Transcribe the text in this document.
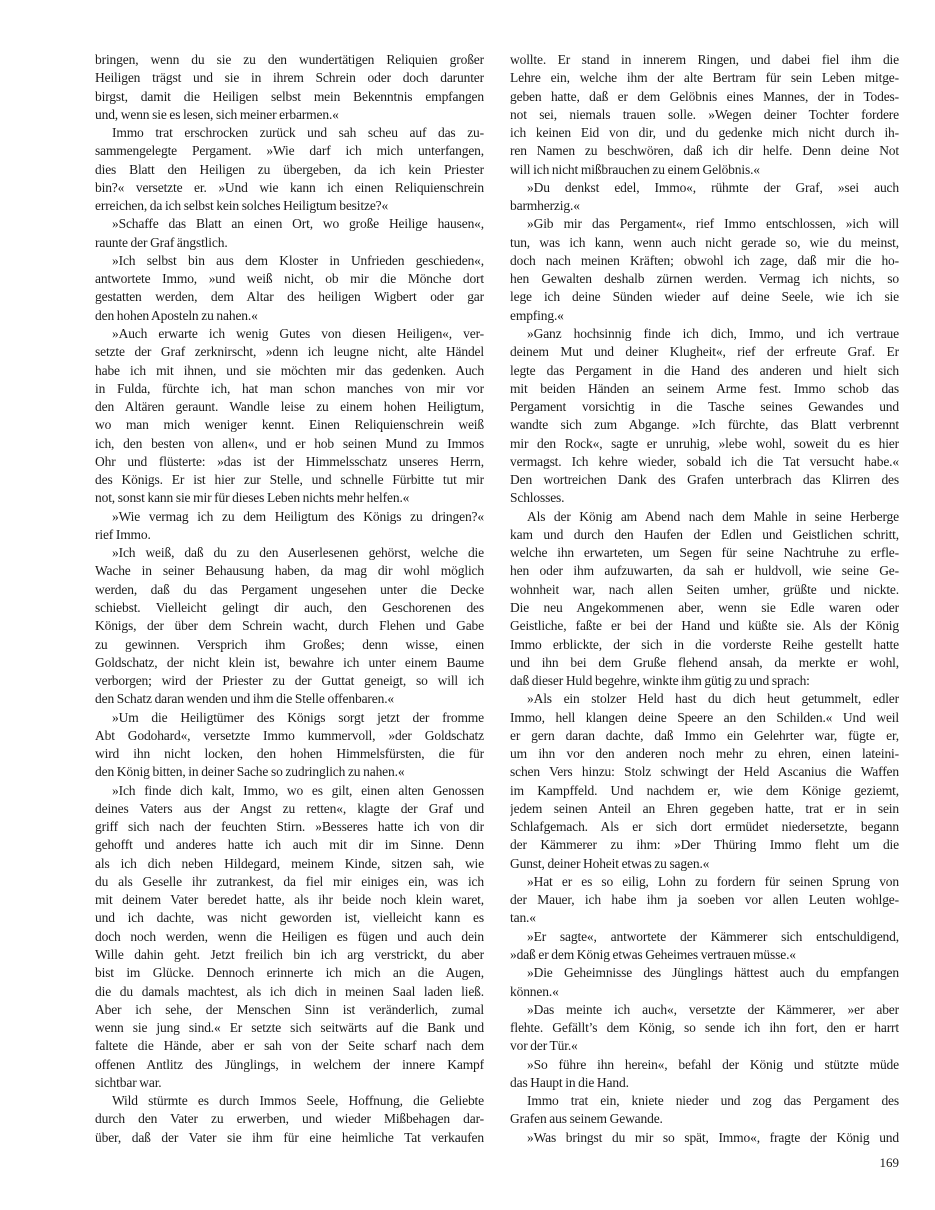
bringen, wenn du sie zu den wundertätigen Reliquien großer
Heiligen trägst und sie in ihrem Schrein oder doch darunter
birgst, damit die Heiligen selbst mein Bekenntnis empfangen
und, wenn sie es lesen, sich meiner erbarmen.«
Immo trat erschrocken zurück und sah scheu auf das zu-
sammengelegte Pergament. »Wie darf ich mich unterfangen,
dies Blatt den Heiligen zu übergeben, da ich kein Priester
bin?« versetzte er. »Und wie kann ich einen Reliquienschrein
erreichen, da ich selbst kein solches Heiligtum besitze?«
»Schaffe das Blatt an einen Ort, wo große Heilige hausen«,
raunte der Graf ängstlich.
»Ich selbst bin aus dem Kloster in Unfrieden geschieden«,
antwortete Immo, »und weiß nicht, ob mir die Mönche dort
gestatten werden, dem Altar des heiligen Wigbert oder gar
den hohen Aposteln zu nahen.«
»Auch erwarte ich wenig Gutes von diesen Heiligen«, ver-
setzte der Graf zerknirscht, »denn ich leugne nicht, alte Händel
habe ich mit ihnen, und sie möchten mir das gedenken. Auch
in Fulda, fürchte ich, hat man schon manches von mir vor
den Altären geraunt. Wandle leise zu einem hohen Heiligtum,
wo man mich weniger kennt. Einen Reliquienschrein weiß
ich, den besten von allen«, und er hob seinen Mund zu Immos
Ohr und flüsterte: »das ist der Himmelsschatz unseres Herrn,
des Königs. Er ist hier zur Stelle, und schnelle Fürbitte tut mir
not, sonst kann sie mir für dieses Leben nichts mehr helfen.«
»Wie vermag ich zu dem Heiligtum des Königs zu dringen?«
rief Immo.
»Ich weiß, daß du zu den Auserlesenen gehörst, welche die
Wache in seiner Behausung haben, da mag dir wohl möglich
werden, daß du das Pergament ungesehen unter die Decke
schiebst. Vielleicht gelingt dir auch, den Geschorenen des
Königs, der über dem Schrein wacht, durch Flehen und Gabe
zu gewinnen. Versprich ihm Großes; denn wisse, einen
Goldschatz, der nicht klein ist, bewahre ich unter einem Baume
verborgen; wird der Priester zu der Guttat geneigt, so will ich
den Schatz daran wenden und ihm die Stelle offenbaren.«
»Um die Heiligtümer des Königs sorgt jetzt der fromme
Abt Godohard«, versetzte Immo kummervoll, »der Goldschatz
wird ihn nicht locken, den hohen Himmelsfürsten, die für
den König bitten, in deiner Sache so zudringlich zu nahen.«
»Ich finde dich kalt, Immo, wo es gilt, einen alten Genossen
deines Vaters aus der Angst zu retten«, klagte der Graf und
griff sich nach der feuchten Stirn. »Besseres hatte ich von dir
gehofft und anderes hatte ich auch mit dir im Sinne. Denn
als ich dich neben Hildegard, meinem Kinde, sitzen sah, wie
du als Geselle ihr zutrankest, da fiel mir einiges ein, was ich
mit deinem Vater beredet hatte, als ihr beide noch klein waret,
und ich dachte, was nicht geworden ist, vielleicht kann es
doch noch werden, wenn die Heiligen es fügen und auch dein
Wille dahin geht. Jetzt freilich bin ich arg verstrickt, du aber
bist im Glücke. Dennoch erinnerte ich mich an die Augen,
die du damals machtest, als ich dich in meinen Saal laden ließ.
Aber ich sehe, der Menschen Sinn ist veränderlich, zumal
wenn sie jung sind.« Er setzte sich seitwärts auf die Bank und
faltete die Hände, aber er sah von der Seite scharf nach dem
offenen Antlitz des Jünglings, in welchem der innere Kampf
sichtbar war.
Wild stürmte es durch Immos Seele, Hoffnung, die Geliebte
durch den Vater zu erwerben, und wieder Mißbehagen dar-
über, daß der Vater sie ihm für eine heimliche Tat verkaufen
wollte. Er stand in innerem Ringen, und dabei fiel ihm die
Lehre ein, welche ihm der alte Bertram für sein Leben mitge-
geben hatte, daß er dem Gelöbnis eines Mannes, der in Todes-
not sei, niemals trauen solle. »Wegen deiner Tochter fordere
ich keinen Eid von dir, und du gedenke mich nicht durch ih-
ren Namen zu beschwören, daß ich dir helfe. Denn deine Not
will ich nicht mißbrauchen zu einem Gelöbnis.«
»Du denkst edel, Immo«, rühmte der Graf, »sei auch
barmherzig.«
»Gib mir das Pergament«, rief Immo entschlossen, »ich will
tun, was ich kann, wenn auch nicht gerade so, wie du meinst,
doch nach meinen Kräften; obwohl ich zage, daß mir die ho-
hen Gewalten deshalb zürnen werden. Vermag ich nichts, so
lege ich deine Sünden wieder auf deine Seele, wie ich sie
empfing.«
»Ganz hochsinnig finde ich dich, Immo, und ich vertraue
deinem Mut und deiner Klugheit«, rief der erfreute Graf. Er
legte das Pergament in die Hand des anderen und hielt sich
mit beiden Händen an seinem Arme fest. Immo schob das
Pergament vorsichtig in die Tasche seines Gewandes und
wandte sich zum Abgange. »Ich fürchte, das Blatt verbrennt
mir den Rock«, sagte er unruhig, »lebe wohl, soweit du es hier
vermagst. Ich kehre wieder, sobald ich die Tat versucht habe.«
Den wortreichen Dank des Grafen unterbrach das Klirren des
Schlosses.
Als der König am Abend nach dem Mahle in seine Herberge
kam und durch den Haufen der Edlen und Geistlichen schritt,
welche ihn erwarteten, um Segen für seine Nachtruhe zu erfle-
hen oder ihm aufzuwarten, da sah er huldvoll, wie seine Ge-
wohnheit war, nach allen Seiten umher, grüßte und nickte.
Die neu Angekommenen aber, wenn sie Edle waren oder
Geistliche, faßte er bei der Hand und küßte sie. Als der König
Immo erblickte, der sich in die vorderste Reihe gestellt hatte
und ihn bei dem Gruße flehend ansah, da merkte er wohl,
daß dieser Huld begehre, winkte ihm gütig zu und sprach:
»Als ein stolzer Held hast du dich heut getummelt, edler
Immo, hell klangen deine Speere an den Schilden.« Und weil
er gern daran dachte, daß Immo ein Gelehrter war, fügte er,
um ihn vor den anderen noch mehr zu ehren, einen lateini-
schen Vers hinzu: Stolz schwingt der Held Ascanius die Waffen
im Kampffeld. Und nachdem er, wie dem Könige geziemt,
jedem seinen Anteil an Ehren gegeben hatte, trat er in sein
Schlafgemach. Als er sich dort ermüdet niedersetzte, begann
der Kämmerer zu ihm: »Der Thüring Immo fleht um die
Gunst, deiner Hoheit etwas zu sagen.«
»Hat er es so eilig, Lohn zu fordern für seinen Sprung von
der Mauer, ich habe ihm ja soeben vor allen Leuten wohlge-
tan.«
»Er sagte«, antwortete der Kämmerer sich entschuldigend,
»daß er dem König etwas Geheimes vertrauen müsse.«
»Die Geheimnisse des Jünglings hättest auch du empfangen
können.«
»Das meinte ich auch«, versetzte der Kämmerer, »er aber
flehte. Gefällt’s dem König, so sende ich ihn fort, den er harrt
vor der Tür.«
»So führe ihn herein«, befahl der König und stützte müde
das Haupt in die Hand.
Immo trat ein, kniete nieder und zog das Pergament des
Grafen aus seinem Gewande.
»Was bringst du mir so spät, Immo«, fragte der König und
169
